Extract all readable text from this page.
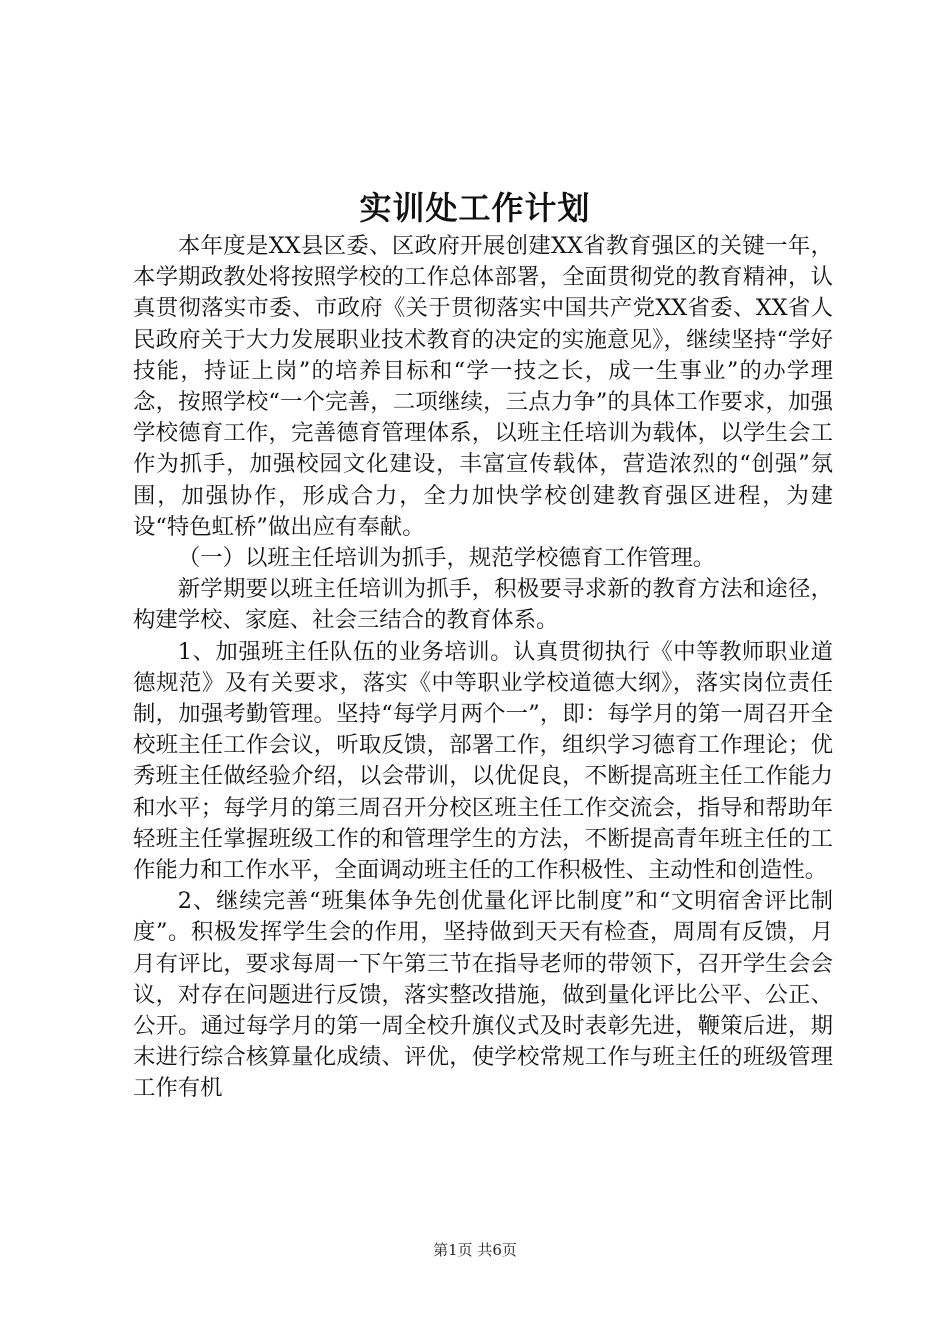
实训处工作计划

本年度是XX县区委、区政府开展创建XX省教育强区的关键一年，本学期政教处将按照学校的工作总体部署，全面贯彻党的教育精神，认真贯彻落实市委、市政府《关于贯彻落实中国共产党XX省委、XX省人民政府关于大力发展职业技术教育的决定的实施意见》，继续坚持“学好技能，持证上岗”的培养目标和“学一技之长，成一生事业”的办学理念，按照学校“一个完善，二项继续，三点力争”的具体工作要求，加强学校德育工作，完善德育管理体系，以班主任培训为载体，以学生会工作为抓手，加强校园文化建设，丰富宣传载体，营造浓烈的“创强”氛围，加强协作，形成合力，全力加快学校创建教育强区进程，为建设“特色虹桥”做出应有奉献。

（一）以班主任培训为抓手，规范学校德育工作管理。

新学期要以班主任培训为抓手，积极要寻求新的教育方法和途径，构建学校、家庭、社会三结合的教育体系。

1、加强班主任队伍的业务培训。认真贯彻执行《中等教师职业道德规范》及有关要求，落实《中等职业学校道德大纲》，落实岗位责任制，加强考勤管理。坚持“每学月两个一”，即：每学月的第一周召开全校班主任工作会议，听取反馈，部署工作，组织学习德育工作理论；优秀班主任做经验介绍，以会带训，以优促良，不断提高班主任工作能力和水平；每学月的第三周召开分校区班主任工作交流会，指导和帮助年轻班主任掌握班级工作的和管理学生的方法，不断提高青年班主任的工作能力和工作水平，全面调动班主任的工作积极性、主动性和创造性。

2、继续完善“班集体争先创优量化评比制度”和“文明宿舍评比制度”。积极发挥学生会的作用，坚持做到天天有检查，周周有反馈，月月有评比，要求每周一下午第三节在指导老师的带领下，召开学生会会议，对存在问题进行反馈，落实整改措施，做到量化评比公平、公正、公开。通过每学月的第一周全校升旗仪式及时表彰先进，鞭策后进，期末进行综合核算量化成绩、评优，使学校常规工作与班主任的班级管理工作有机

第1页 共6页
